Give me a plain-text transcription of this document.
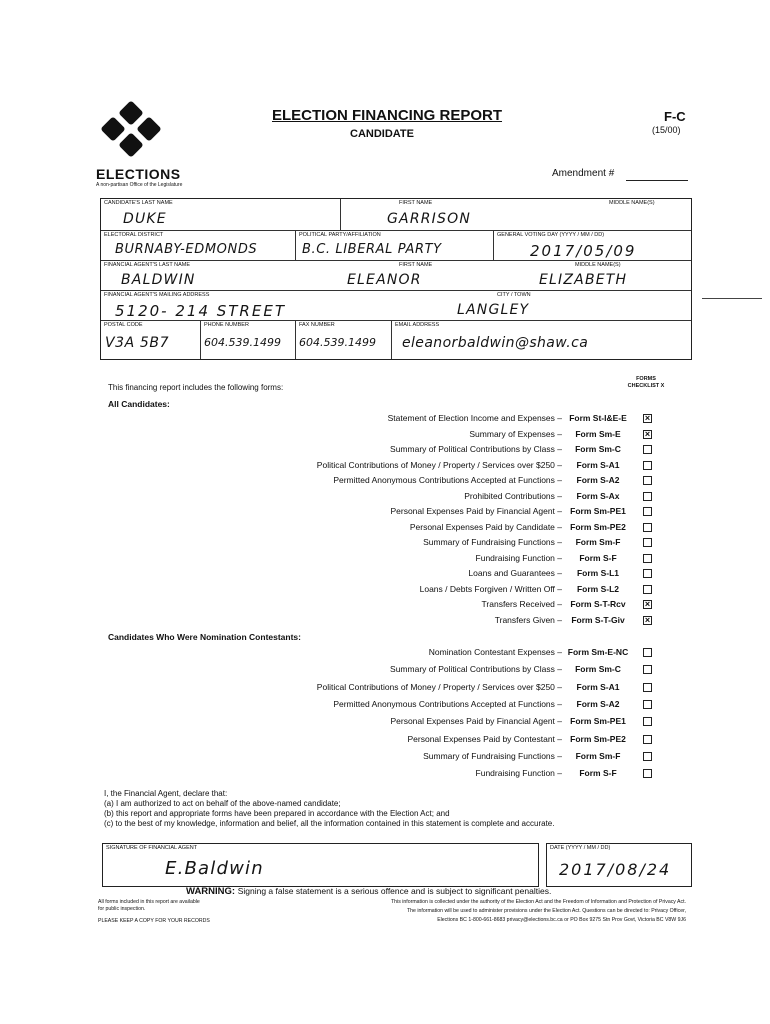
ELECTIONS
A non-partisan Office of the Legislature
ELECTION FINANCING REPORT
CANDIDATE
F-C
(15/00)
Amendment #
CANDIDATE'S LAST NAME
DUKE
FIRST NAME
GARRISON
MIDDLE NAME(S)
ELECTORAL DISTRICT
BURNABY-EDMONDS
POLITICAL PARTY/AFFILIATION
B.C. LIBERAL PARTY
GENERAL VOTING DAY (YYYY / MM / DD)
2017/05/09
FINANCIAL AGENT'S LAST NAME	FIRST NAME	MIDDLE NAME(S)
BALDWIN	ELEANOR	ELIZABETH
FINANCIAL AGENT'S MAILING ADDRESS	CITY / TOWN
5120- 214 STREET	LANGLEY
POSTAL CODE
V3A 5B7
PHONE NUMBER
604.539.1499
FAX NUMBER
604.539.1499
EMAIL ADDRESS
eleanorbaldwin@shaw.ca
This financing report includes the following forms:
FORMS CHECKLIST X
All Candidates:
Statement of Election Income and Expenses – Form St-I&E-E	×
Summary of Expenses –	Form Sm-E	×
Summary of Political Contributions by Class –	Form Sm-C
Political Contributions of Money / Property / Services over $250 –	Form S-A1
Permitted Anonymous Contributions Accepted at Functions –	Form S-A2
Prohibited Contributions –	Form S-Ax
Personal Expenses Paid by Financial Agent – Form Sm-PE1
Personal Expenses Paid by Candidate – Form Sm-PE2
Summary of Fundraising Functions –	Form Sm-F
Fundraising Function –	Form S-F
Loans and Guarantees –	Form S-L1
Loans / Debts Forgiven / Written Off –	Form S-L2
Transfers Received – Form S-T-Rcv	×
Transfers Given –	Form S-T-Giv	×
Candidates Who Were Nomination Contestants:
Nomination Contestant Expenses – Form Sm-E-NC
Summary of Political Contributions by Class –	Form Sm-C
Political Contributions of Money / Property / Services over $250 –	Form S-A1
Permitted Anonymous Contributions Accepted at Functions –	Form S-A2
Personal Expenses Paid by Financial Agent – Form Sm-PE1
Personal Expenses Paid by Contestant – Form Sm-PE2
Summary of Fundraising Functions –	Form Sm-F
Fundraising Function –	Form S-F
I, the Financial Agent, declare that:
(a) I am authorized to act on behalf of the above-named candidate;
(b) this report and appropriate forms have been prepared in accordance with the Election Act; and
(c) to the best of my knowledge, information and belief, all the information contained in this statement is complete and accurate.
SIGNATURE OF FINANCIAL AGENT
E.Baldwin
DATE (YYYY / MM / DD)
2017/08/24
WARNING: Signing a false statement is a serious offence and is subject to significant penalties.
All forms included in this report are available
for public inspection.
PLEASE KEEP A COPY FOR YOUR RECORDS
This information is collected under the authority of the Election Act and the Freedom of Information and Protection of Privacy Act.
The information will be used to administer provisions under the Election Act. Questions can be directed to: Privacy Officer,
Elections BC 1-800-661-8683 privacy@elections.bc.ca or PO Box 9275 Stn Prov Govt, Victoria BC V8W 9J6
